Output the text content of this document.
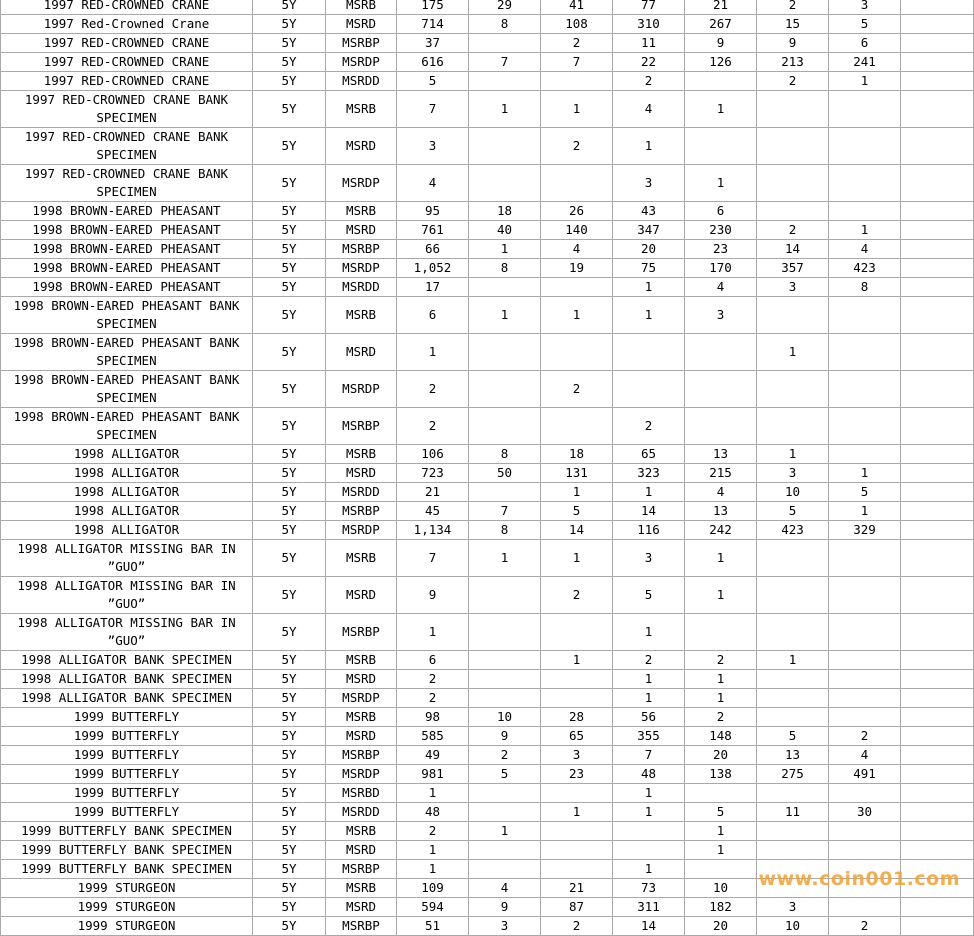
1997 RED-CROWNED CRANE	5Y	MSRB	175	29	41	77	21	2	3	
1997 Red-Crowned Crane	5Y	MSRD	714	8	108	310	267	15	5	
1997 RED-CROWNED CRANE	5Y	MSRBP	37		2	11	9	9	6	
1997 RED-CROWNED CRANE	5Y	MSRDP	616	7	7	22	126	213	241	
1997 RED-CROWNED CRANE	5Y	MSRDD	5			2		2	1	
1997 RED-CROWNED CRANE BANK SPECIMEN	5Y	MSRB	7	1	1	4	1			
1997 RED-CROWNED CRANE BANK SPECIMEN	5Y	MSRD	3		2	1				
1997 RED-CROWNED CRANE BANK SPECIMEN	5Y	MSRDP	4			3	1			
1998 BROWN-EARED PHEASANT	5Y	MSRB	95	18	26	43	6			
1998 BROWN-EARED PHEASANT	5Y	MSRD	761	40	140	347	230	2	1	
1998 BROWN-EARED PHEASANT	5Y	MSRBP	66	1	4	20	23	14	4	
1998 BROWN-EARED PHEASANT	5Y	MSRDP	1,052	8	19	75	170	357	423	
1998 BROWN-EARED PHEASANT	5Y	MSRDD	17			1	4	3	8	
1998 BROWN-EARED PHEASANT BANK SPECIMEN	5Y	MSRB	6	1	1	1	3			
1998 BROWN-EARED PHEASANT BANK SPECIMEN	5Y	MSRD	1					1		
1998 BROWN-EARED PHEASANT BANK SPECIMEN	5Y	MSRDP	2		2					
1998 BROWN-EARED PHEASANT BANK SPECIMEN	5Y	MSRBP	2			2				
1998 ALLIGATOR	5Y	MSRB	106	8	18	65	13	1		
1998 ALLIGATOR	5Y	MSRD	723	50	131	323	215	3	1	
1998 ALLIGATOR	5Y	MSRDD	21		1	1	4	10	5	
1998 ALLIGATOR	5Y	MSRBP	45	7	5	14	13	5	1	
1998 ALLIGATOR	5Y	MSRDP	1,134	8	14	116	242	423	329	
1998 ALLIGATOR MISSING BAR IN ”GUO”	5Y	MSRB	7	1	1	3	1			
1998 ALLIGATOR MISSING BAR IN ”GUO”	5Y	MSRD	9		2	5	1			
1998 ALLIGATOR MISSING BAR IN ”GUO”	5Y	MSRBP	1			1				
1998 ALLIGATOR BANK SPECIMEN	5Y	MSRB	6		1	2	2	1		
1998 ALLIGATOR BANK SPECIMEN	5Y	MSRD	2			1	1			
1998 ALLIGATOR BANK SPECIMEN	5Y	MSRDP	2			1	1			
1999 BUTTERFLY	5Y	MSRB	98	10	28	56	2			
1999 BUTTERFLY	5Y	MSRD	585	9	65	355	148	5	2	
1999 BUTTERFLY	5Y	MSRBP	49	2	3	7	20	13	4	
1999 BUTTERFLY	5Y	MSRDP	981	5	23	48	138	275	491	
1999 BUTTERFLY	5Y	MSRBD	1			1				
1999 BUTTERFLY	5Y	MSRDD	48		1	1	5	11	30	
1999 BUTTERFLY BANK SPECIMEN	5Y	MSRB	2	1			1			
1999 BUTTERFLY BANK SPECIMEN	5Y	MSRD	1				1			
1999 BUTTERFLY BANK SPECIMEN	5Y	MSRBP	1			1				
1999 STURGEON	5Y	MSRB	109	4	21	73	10			
1999 STURGEON	5Y	MSRD	594	9	87	311	182	3		
1999 STURGEON	5Y	MSRBP	51	3	2	14	20	10	2	
www.coin001.com
